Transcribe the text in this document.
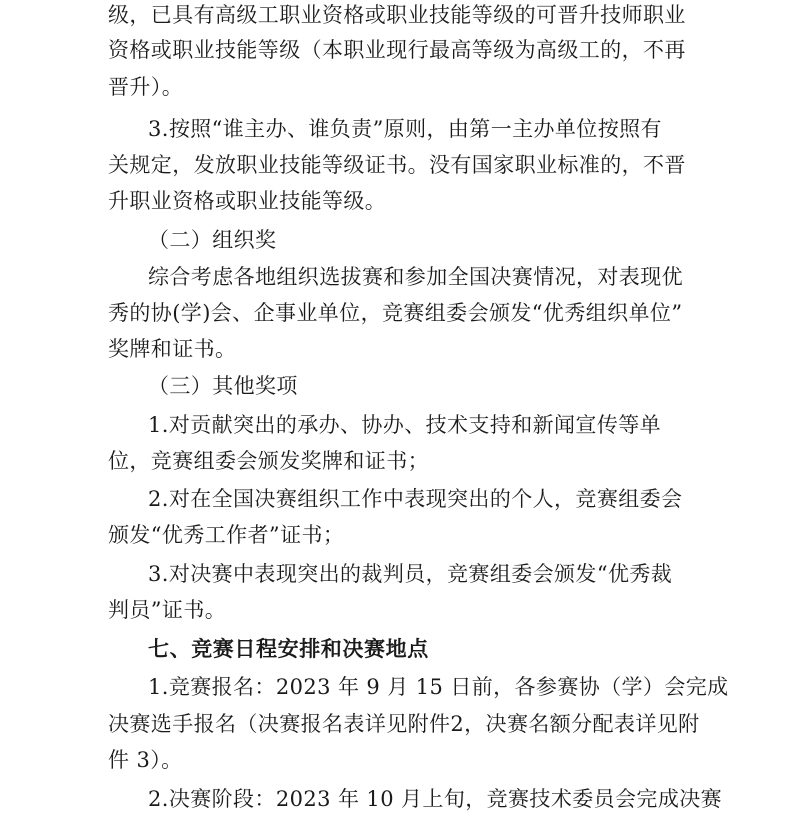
级，已具有高级工职业资格或职业技能等级的可晋升技师职业
资格或职业技能等级（本职业现行最高等级为高级工的，不再
晋升）。
3.按照“谁主办、谁负责”原则，由第一主办单位按照有
关规定，发放职业技能等级证书。没有国家职业标准的，不晋
升职业资格或职业技能等级。
（二）组织奖
综合考虑各地组织选拔赛和参加全国决赛情况，对表现优
秀的协(学)会、企事业单位，竞赛组委会颁发“优秀组织单位”
奖牌和证书。
（三）其他奖项
1.对贡献突出的承办、协办、技术支持和新闻宣传等单
位，竞赛组委会颁发奖牌和证书；
2.对在全国决赛组织工作中表现突出的个人，竞赛组委会
颁发“优秀工作者”证书；
3.对决赛中表现突出的裁判员，竞赛组委会颁发“优秀裁
判员”证书。
七、竞赛日程安排和决赛地点
1.竞赛报名：2023 年 9 月 15 日前，各参赛协（学）会完成
决赛选手报名（决赛报名表详见附件2，决赛名额分配表详见附
件 3）。
2.决赛阶段：2023 年 10 月上旬，竞赛技术委员会完成决赛
